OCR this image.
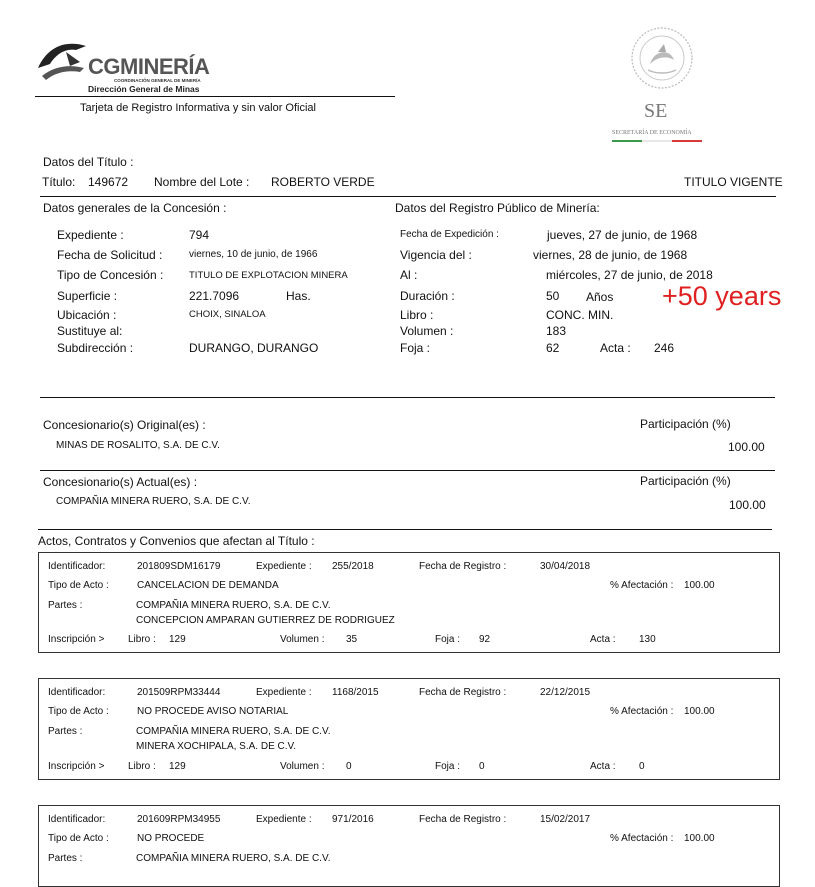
CGMINERÍA
COORDINACIÓN GENERAL DE MINERÍA
Dirección General de Minas
Tarjeta de Registro Informativa y sin valor Oficial	SE
SECRETARÍA DE ECONOMÍA
Datos del Título :
Título: 149672 Nombre del Lote : ROBERTO VERDE	TITULO VIGENTE
Datos generales de la Concesión :
Expediente :	794
Fecha de Solicitud :	viernes, 10 de junio, de 1966
Tipo de Concesión :	TITULO DE EXPLOTACION MINERA
Superficie :	221.7096	Has.
Ubicación :	CHOIX, SINALOA
Sustituye al:
Subdirección :	DURANGO, DURANGO
Datos del Registro Público de Minería:
Fecha de Expedición :	jueves, 27 de junio, de 1968
Vigencia del :	viernes, 28 de junio, de 1968
Al :	miércoles, 27 de junio, de 2018
Duración :	50 Años +50 years
Libro :	CONC. MIN.
Volumen :	183
Foja :	62	Acta : 246
Concesionario(s) Original(es) :	Participación (%)
MINAS DE ROSALITO, S.A. DE C.V.	100.00
Concesionario(s) Actual(es) :	Participación (%)
COMPAÑIA MINERA RUERO, S.A. DE C.V.	100.00
Actos, Contratos y Convenios que afectan al Título :
Identificador:	201809SDM16179	Expediente : 255/2018	Fecha de Registro :	30/04/2018
Tipo de Acto :	CANCELACION DE DEMANDA	% Afectación : 100.00
Partes :	COMPAÑIA MINERA RUERO, S.A. DE C.V.
CONCEPCION AMPARAN GUTIERREZ DE RODRIGUEZ
Inscripción > Libro : 129	Volumen : 35	Foja : 92	Acta : 130
Identificador:	201509RPM33444	Expediente : 1168/2015	Fecha de Registro :	22/12/2015
Tipo de Acto :	NO PROCEDE AVISO NOTARIAL	% Afectación : 100.00
Partes :	COMPAÑIA MINERA RUERO, S.A. DE C.V.
MINERA XOCHIPALA, S.A. DE C.V.
Inscripción > Libro : 129	Volumen : 0	Foja : 0	Acta : 0
Identificador:	201609RPM34955	Expediente : 971/2016	Fecha de Registro :	15/02/2017
Tipo de Acto :	NO PROCEDE	% Afectación : 100.00
Partes :	COMPAÑIA MINERA RUERO, S.A. DE C.V.
